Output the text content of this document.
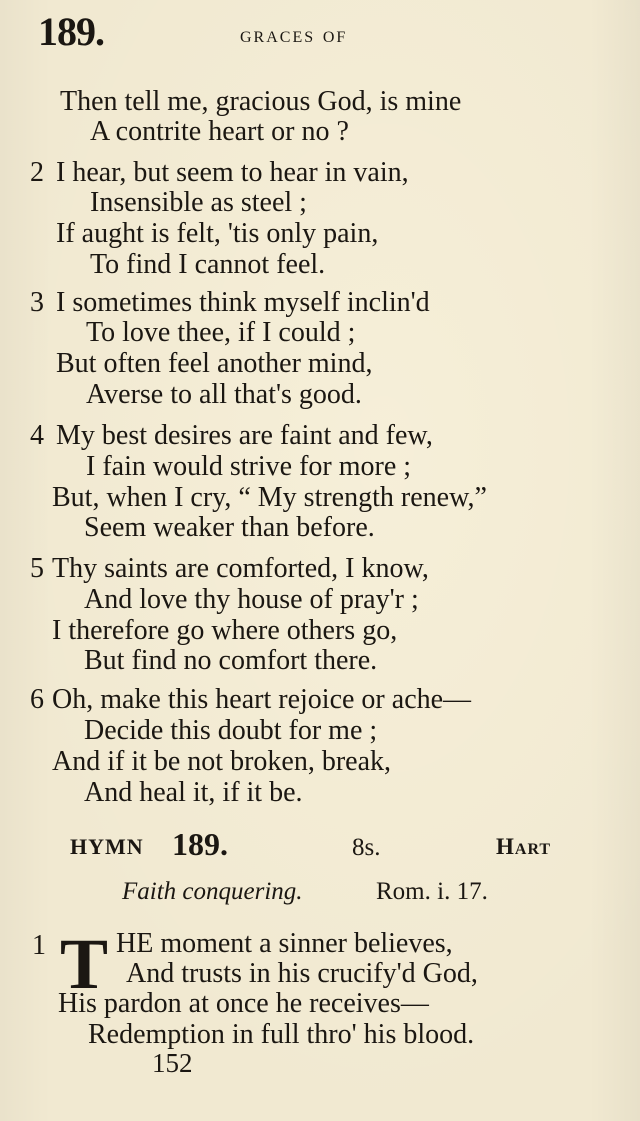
189.	graces of
Then tell me, gracious God, is mine
A contrite heart or no ?
2 I hear, but seem to hear in vain,
Insensible as steel ;
If aught is felt, 'tis only pain,
To find I cannot feel.
3 I sometimes think myself inclin'd
To love thee, if I could ;
But often feel another mind,
Averse to all that's good.
4 My best desires are faint and few,
I fain would strive for more ;
But, when I cry, “ My strength renew,”
Seem weaker than before.
5 Thy saints are comforted, I know,
And love thy house of pray'r ;
I therefore go where others go,
But find no comfort there.
6 Oh, make this heart rejoice or ache—
Decide this doubt for me ;
And if it be not broken, break,
And heal it, if it be.
HYMN 189.	8s.	Hart
Faith conquering.	Rom. i. 17.
1 T HE moment a sinner believes,
And trusts in his crucify'd God,
His pardon at once he receives—
Redemption in full thro' his blood.
152
